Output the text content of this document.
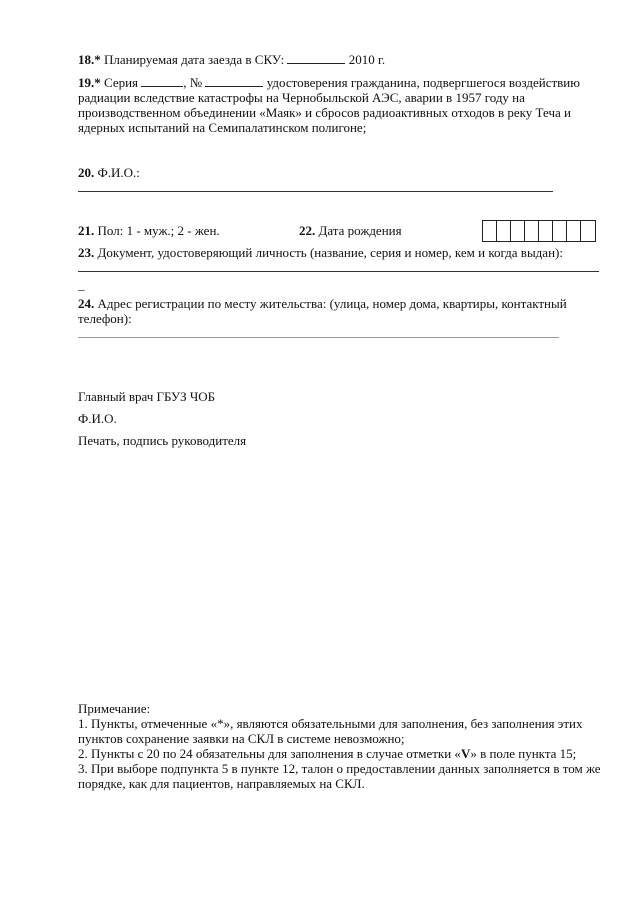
18.* Планируемая дата заезда в СКУ:	2010 г.
19.* Серия	, №	удостоверения гражданина, подвергшегося воздействию
радиации вследствие катастрофы на Чернобыльской АЭС, аварии в 1957 году на
производственном объединении «Маяк» и сбросов радиоактивных отходов в реку Теча и
ядерных испытаний на Семипалатинском полигоне;
20. Ф.И.О.:
21. Пол: 1 - муж.; 2 - жен.	22. Дата рождения
23. Документ, удостоверяющий личность (название, серия и номер, кем и когда выдан):
_
24. Адрес регистрации по месту жительства: (улица, номер дома, квартиры, контактный
телефон):
Главный врач ГБУЗ ЧОБ
Ф.И.О.
Печать, подпись руководителя
Примечание:
1. Пункты, отмеченные «*», являются обязательными для заполнения, без заполнения этих
пунктов сохранение заявки на СКЛ в системе невозможно;
2. Пункты с 20 по 24 обязательны для заполнения в случае отметки «V» в поле пункта 15;
3. При выборе подпункта 5 в пункте 12, талон о предоставлении данных заполняется в том же
порядке, как для пациентов, направляемых на СКЛ.
